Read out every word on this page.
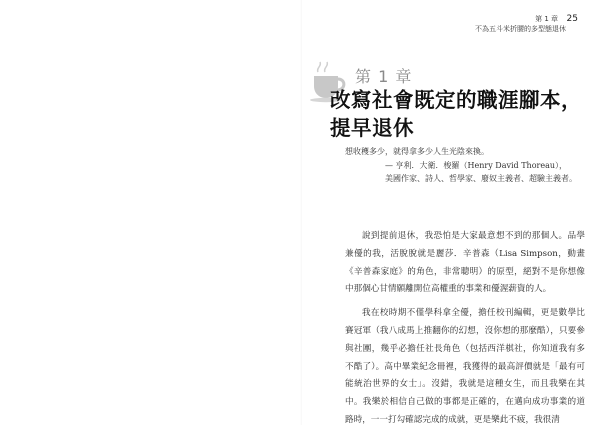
第 1 章
不為五斗米折腰的多型態退休
25
第 1 章
改寫社會既定的職涯腳本，
提早退休
想收穫多少，就得拿多少人生光陰來換。
— 亨利．大衛．梭羅（Henry David Thoreau），
美國作家、詩人、哲學家、廢奴主義者、超驗主義者。

說到提前退休，我恐怕是大家最意想不到的那個人。品學兼優的我，活脫脫就是麗莎．辛普森（Lisa Simpson，動畫《辛普森家庭》的角色，非常聰明）的原型，絕對不是你想像中那個心甘情願離開位高權重的事業和優渥薪資的人。

我在校時期不僅學科拿全優，擔任校刊編輯，更是數學比賽冠軍（我八成馬上推翻你的幻想，沒你想的那麼酷），只要參與社團，幾乎必擔任社長角色（包括西洋棋社，你知道我有多不酷了）。高中畢業紀念冊裡，我獲得的最高評價就是「最有可能統治世界的女士」。沒錯，我就是這種女生，而且我樂在其中。我樂於相信自己做的事都是正確的，在邁向成功事業的道路時，一一打勾確認完成的成就，更是樂此不疲，我很清
